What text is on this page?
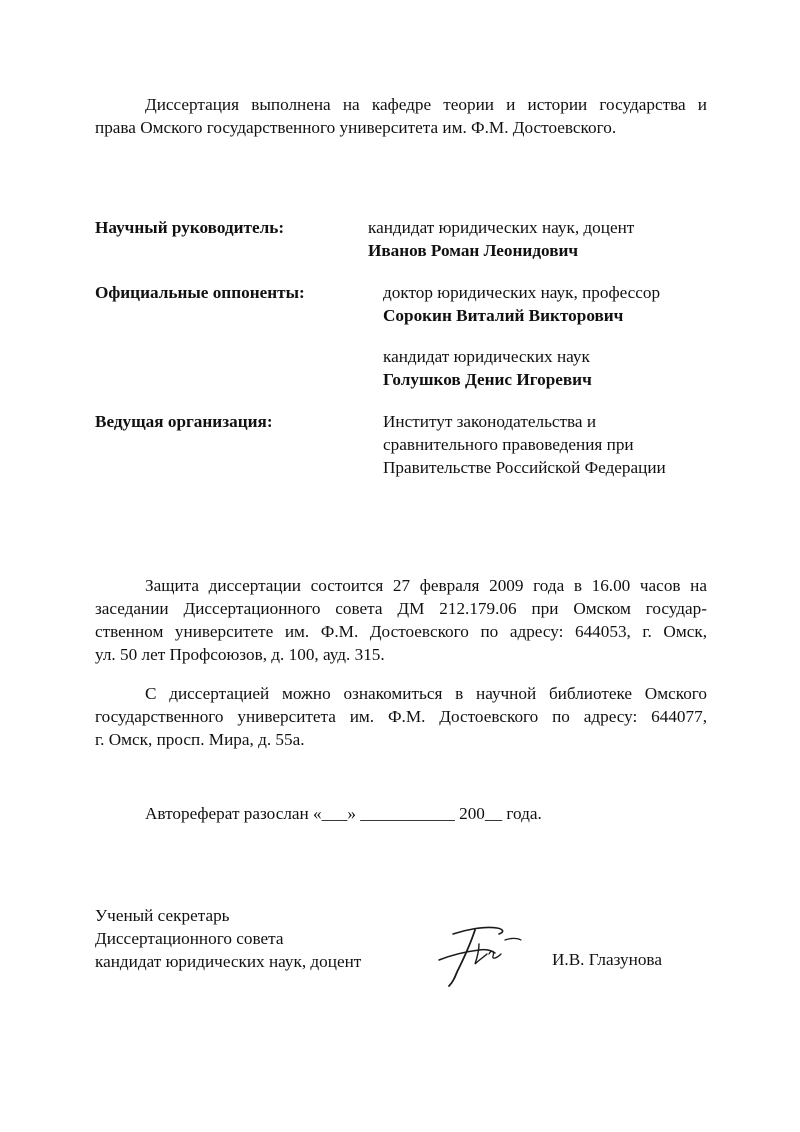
Диссертация выполнена на кафедре теории и истории государства и
права Омского государственного университета им. Ф.М. Достоевского.
Научный руководитель:	кандидат юридических наук, доцент
Иванов Роман Леонидович
Официальные оппоненты:	доктор юридических наук, профессор
Сорокин Виталий Викторович
кандидат юридических наук
Голушков Денис Игоревич
Ведущая организация:	Институт законодательства и
сравнительного правоведения при
Правительстве Российской Федерации
Защита диссертации состоится 27 февраля 2009 года в 16.00 часов на
заседании Диссертационного совета ДМ 212.179.06 при Омском государ-
ственном университете им. Ф.М. Достоевского по адресу: 644053, г. Омск,
ул. 50 лет Профсоюзов, д. 100, ауд. 315.
С диссертацией можно ознакомиться в научной библиотеке Омского
государственного университета им. Ф.М. Достоевского по адресу: 644077,
г. Омск, просп. Мира, д. 55а.
Автореферат разослан «___» ___________ 200__ года.
Ученый секретарь
Диссертационного совета
кандидат юридических наук, доцент	И.В. Глазунова
